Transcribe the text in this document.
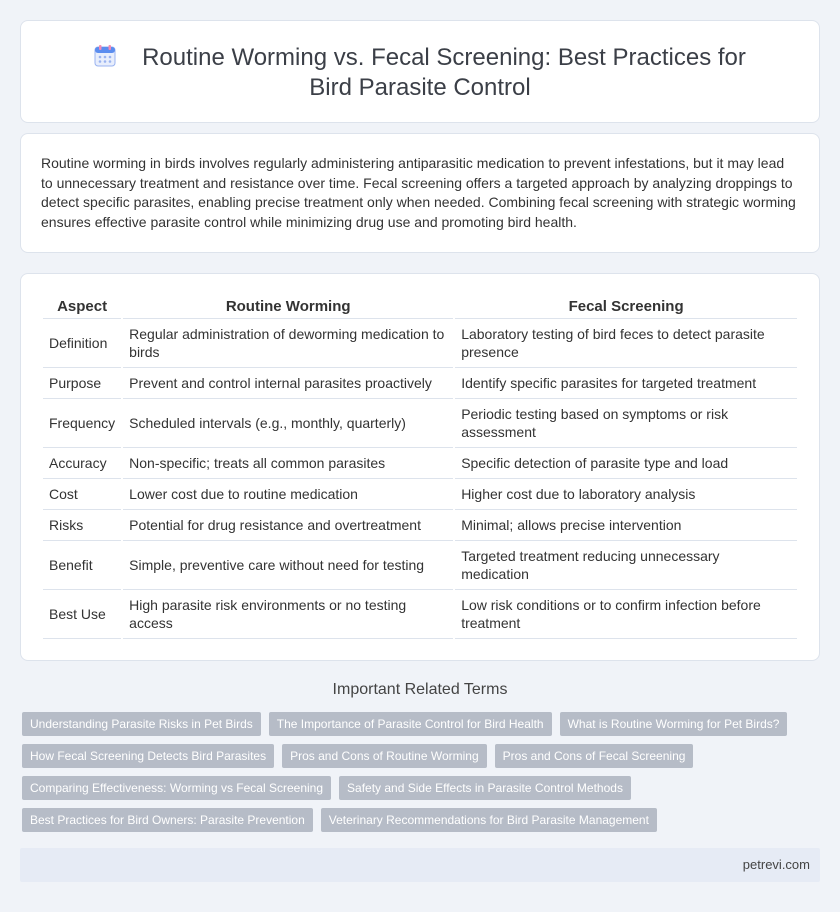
Routine Worming vs. Fecal Screening: Best Practices for Bird Parasite Control

Routine worming in birds involves regularly administering antiparasitic medication to prevent infestations, but it may lead to unnecessary treatment and resistance over time. Fecal screening offers a targeted approach by analyzing droppings to detect specific parasites, enabling precise treatment only when needed. Combining fecal screening with strategic worming ensures effective parasite control while minimizing drug use and promoting bird health.

Aspect	Routine Worming	Fecal Screening
Definition	Regular administration of deworming medication to birds	Laboratory testing of bird feces to detect parasite presence
Purpose	Prevent and control internal parasites proactively	Identify specific parasites for targeted treatment
Frequency	Scheduled intervals (e.g., monthly, quarterly)	Periodic testing based on symptoms or risk assessment
Accuracy	Non-specific; treats all common parasites	Specific detection of parasite type and load
Cost	Lower cost due to routine medication	Higher cost due to laboratory analysis
Risks	Potential for drug resistance and overtreatment	Minimal; allows precise intervention
Benefit	Simple, preventive care without need for testing	Targeted treatment reducing unnecessary medication
Best Use	High parasite risk environments or no testing access	Low risk conditions or to confirm infection before treatment
Important Related Terms
Understanding Parasite Risks in Pet Birds	The Importance of Parasite Control for Bird Health	What is Routine Worming for Pet Birds?
How Fecal Screening Detects Bird Parasites	Pros and Cons of Routine Worming	Pros and Cons of Fecal Screening
Comparing Effectiveness: Worming vs Fecal Screening	Safety and Side Effects in Parasite Control Methods
Best Practices for Bird Owners: Parasite Prevention	Veterinary Recommendations for Bird Parasite Management
petrevi.com
